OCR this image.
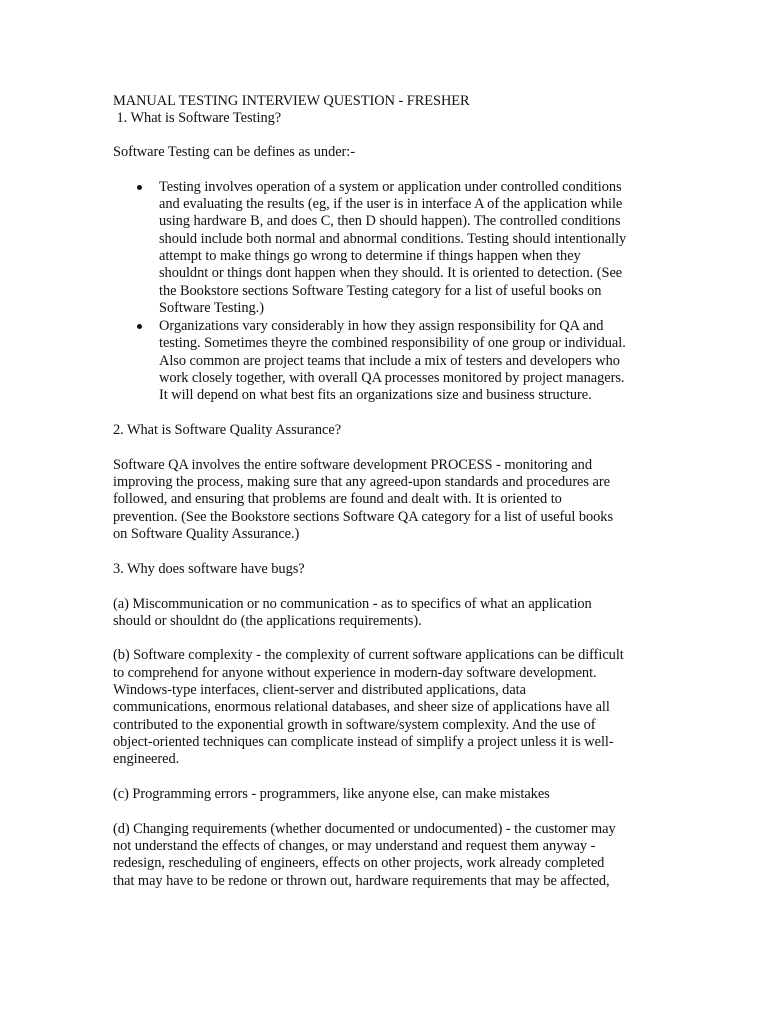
MANUAL TESTING INTERVIEW QUESTION - FRESHER
1. What is Software Testing?
Software Testing can be defines as under:-
Testing involves operation of a system or application under controlled conditions
and evaluating the results (eg, if the user is in interface A of the application while
using hardware B, and does C, then D should happen). The controlled conditions
should include both normal and abnormal conditions. Testing should intentionally
attempt to make things go wrong to determine if things happen when they
shouldnt or things dont happen when they should. It is oriented to detection. (See
the Bookstore sections Software Testing category for a list of useful books on
Software Testing.)
Organizations vary considerably in how they assign responsibility for QA and
testing. Sometimes theyre the combined responsibility of one group or individual.
Also common are project teams that include a mix of testers and developers who
work closely together, with overall QA processes monitored by project managers.
It will depend on what best fits an organizations size and business structure.
2. What is Software Quality Assurance?
Software QA involves the entire software development PROCESS - monitoring and
improving the process, making sure that any agreed-upon standards and procedures are
followed, and ensuring that problems are found and dealt with. It is oriented to
prevention. (See the Bookstore sections Software QA category for a list of useful books
on Software Quality Assurance.)
3. Why does software have bugs?
(a) Miscommunication or no communication - as to specifics of what an application
should or shouldnt do (the applications requirements).
(b) Software complexity - the complexity of current software applications can be difficult
to comprehend for anyone without experience in modern-day software development.
Windows-type interfaces, client-server and distributed applications, data
communications, enormous relational databases, and sheer size of applications have all
contributed to the exponential growth in software/system complexity. And the use of
object-oriented techniques can complicate instead of simplify a project unless it is well-
engineered.
(c) Programming errors - programmers, like anyone else, can make mistakes
(d) Changing requirements (whether documented or undocumented) - the customer may
not understand the effects of changes, or may understand and request them anyway -
redesign, rescheduling of engineers, effects on other projects, work already completed
that may have to be redone or thrown out, hardware requirements that may be affected,
